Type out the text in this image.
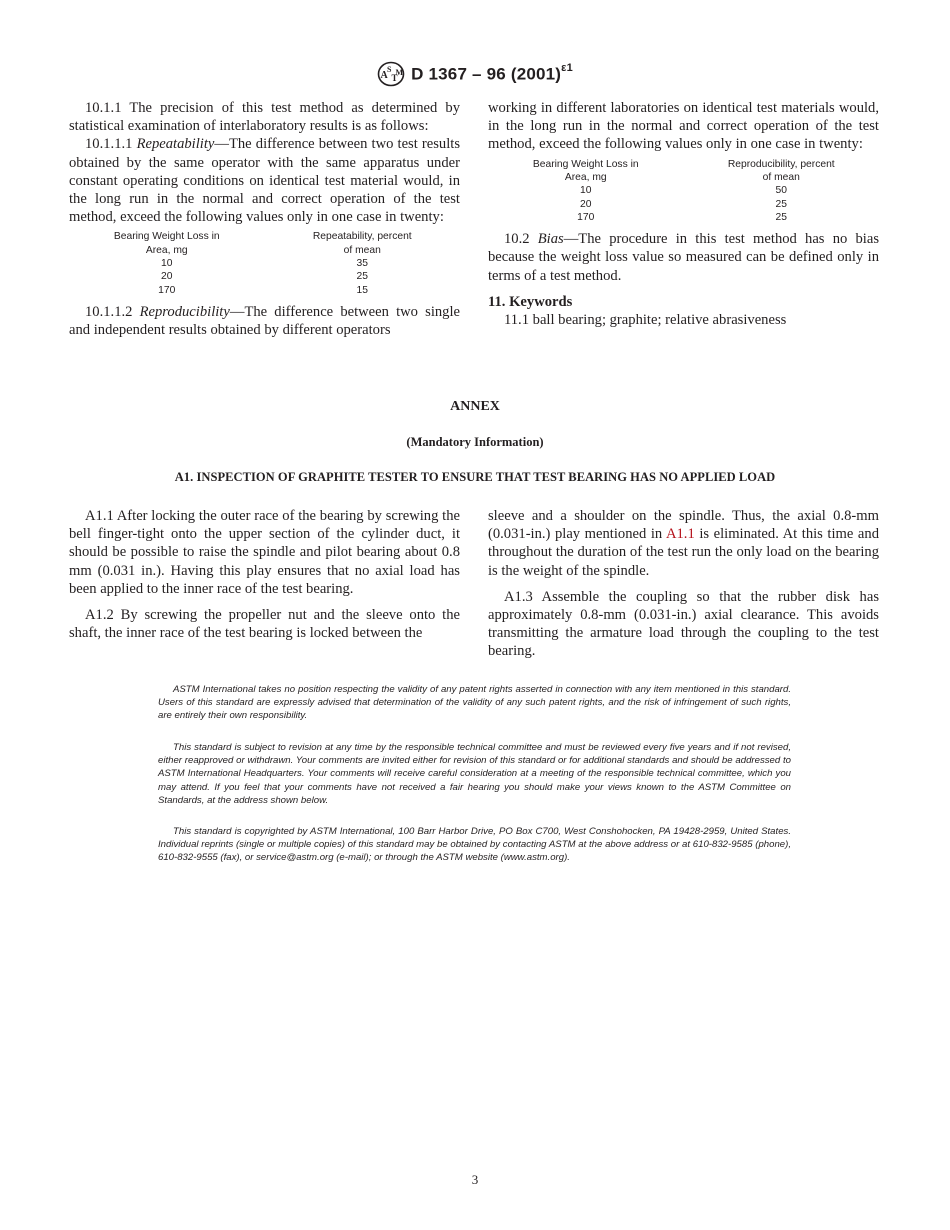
A
S
T
M D 1367 – 96 $(2001)^{\varepsilon 1}$

10.1.1 The precision of this test method as determined by statistical examination of interlaboratory results is as follows:

10.1.1.1 Repeatability—The difference between two test results obtained by the same operator with the same apparatus under constant operating conditions on identical test material would, in the long run in the normal and correct operation of the test method, exceed the following values only in one case in twenty:

Bearing Weight Loss in
Area, mg	Repeatability, percent
of mean
10	35
20	25
170	15

10.1.1.2 Reproducibility—The difference between two single and independent results obtained by different operators

working in different laboratories on identical test materials would, in the long run in the normal and correct operation of the test method, exceed the following values only in one case in twenty:

Bearing Weight Loss in
Area, mg	Reproducibility, percent
of mean
10	50
20	25
170	25

10.2 Bias—The procedure in this test method has no bias because the weight loss value so measured can be defined only in terms of a test method.

11. Keywords

11.1 ball bearing; graphite; relative abrasiveness

ANNEX
(Mandatory Information)
A1. INSPECTION OF GRAPHITE TESTER TO ENSURE THAT TEST BEARING HAS NO APPLIED LOAD

A1.1 After locking the outer race of the bearing by screwing the bell finger-tight onto the upper section of the cylinder duct, it should be possible to raise the spindle and pilot bearing about 0.8 mm (0.031 in.). Having this play ensures that no axial load has been applied to the inner race of the test bearing.

A1.2 By screwing the propeller nut and the sleeve onto the shaft, the inner race of the test bearing is locked between the

sleeve and a shoulder on the spindle. Thus, the axial 0.8-mm (0.031-in.) play mentioned in A1.1 is eliminated. At this time and throughout the duration of the test run the only load on the bearing is the weight of the spindle.

A1.3 Assemble the coupling so that the rubber disk has approximately 0.8-mm (0.031-in.) axial clearance. This avoids transmitting the armature load through the coupling to the test bearing.

ASTM International takes no position respecting the validity of any patent rights asserted in connection with any item mentioned in this standard. Users of this standard are expressly advised that determination of the validity of any such patent rights, and the risk of infringement of such rights, are entirely their own responsibility.

This standard is subject to revision at any time by the responsible technical committee and must be reviewed every five years and if not revised, either reapproved or withdrawn. Your comments are invited either for revision of this standard or for additional standards and should be addressed to ASTM International Headquarters. Your comments will receive careful consideration at a meeting of the responsible technical committee, which you may attend. If you feel that your comments have not received a fair hearing you should make your views known to the ASTM Committee on Standards, at the address shown below.

This standard is copyrighted by ASTM International, 100 Barr Harbor Drive, PO Box C700, West Conshohocken, PA 19428-2959, United States. Individual reprints (single or multiple copies) of this standard may be obtained by contacting ASTM at the above address or at 610-832-9585 (phone), 610-832-9555 (fax), or service@astm.org (e-mail); or through the ASTM website (www.astm.org).

3
